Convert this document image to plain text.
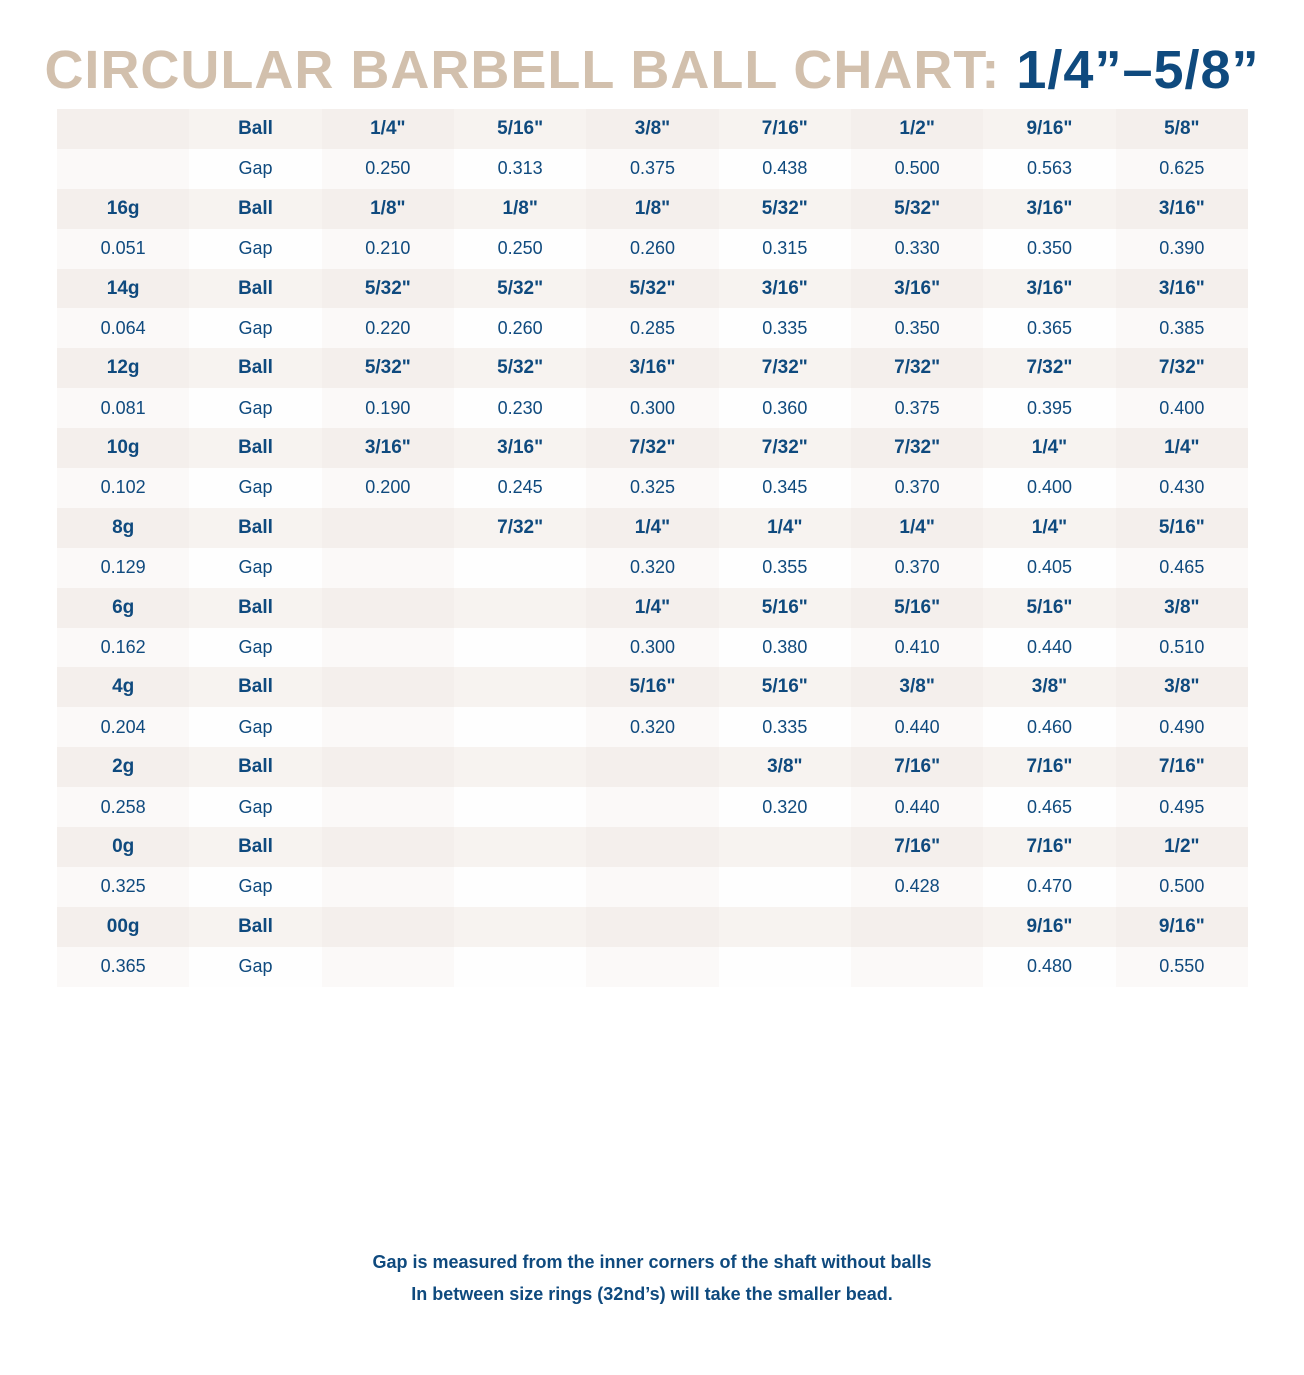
CIRCULAR BARBELL BALL CHART: 1/4”–5/8”
	Ball	1/4"	5/16"	3/8"	7/16"	1/2"	9/16"	5/8"
	Gap	0.250	0.313	0.375	0.438	0.500	0.563	0.625
16g	Ball	1/8"	1/8"	1/8"	5/32"	5/32"	3/16"	3/16"
0.051	Gap	0.210	0.250	0.260	0.315	0.330	0.350	0.390
14g	Ball	5/32"	5/32"	5/32"	3/16"	3/16"	3/16"	3/16"
0.064	Gap	0.220	0.260	0.285	0.335	0.350	0.365	0.385
12g	Ball	5/32"	5/32"	3/16"	7/32"	7/32"	7/32"	7/32"
0.081	Gap	0.190	0.230	0.300	0.360	0.375	0.395	0.400
10g	Ball	3/16"	3/16"	7/32"	7/32"	7/32"	1/4"	1/4"
0.102	Gap	0.200	0.245	0.325	0.345	0.370	0.400	0.430
8g	Ball		7/32"	1/4"	1/4"	1/4"	1/4"	5/16"
0.129	Gap			0.320	0.355	0.370	0.405	0.465
6g	Ball			1/4"	5/16"	5/16"	5/16"	3/8"
0.162	Gap			0.300	0.380	0.410	0.440	0.510
4g	Ball			5/16"	5/16"	3/8"	3/8"	3/8"
0.204	Gap			0.320	0.335	0.440	0.460	0.490
2g	Ball				3/8"	7/16"	7/16"	7/16"
0.258	Gap				0.320	0.440	0.465	0.495
0g	Ball					7/16"	7/16"	1/2"
0.325	Gap					0.428	0.470	0.500
00g	Ball						9/16"	9/16"
0.365	Gap						0.480	0.550
Gap is measured from the inner corners of the shaft without balls
In between size rings (32nd’s) will take the smaller bead.
